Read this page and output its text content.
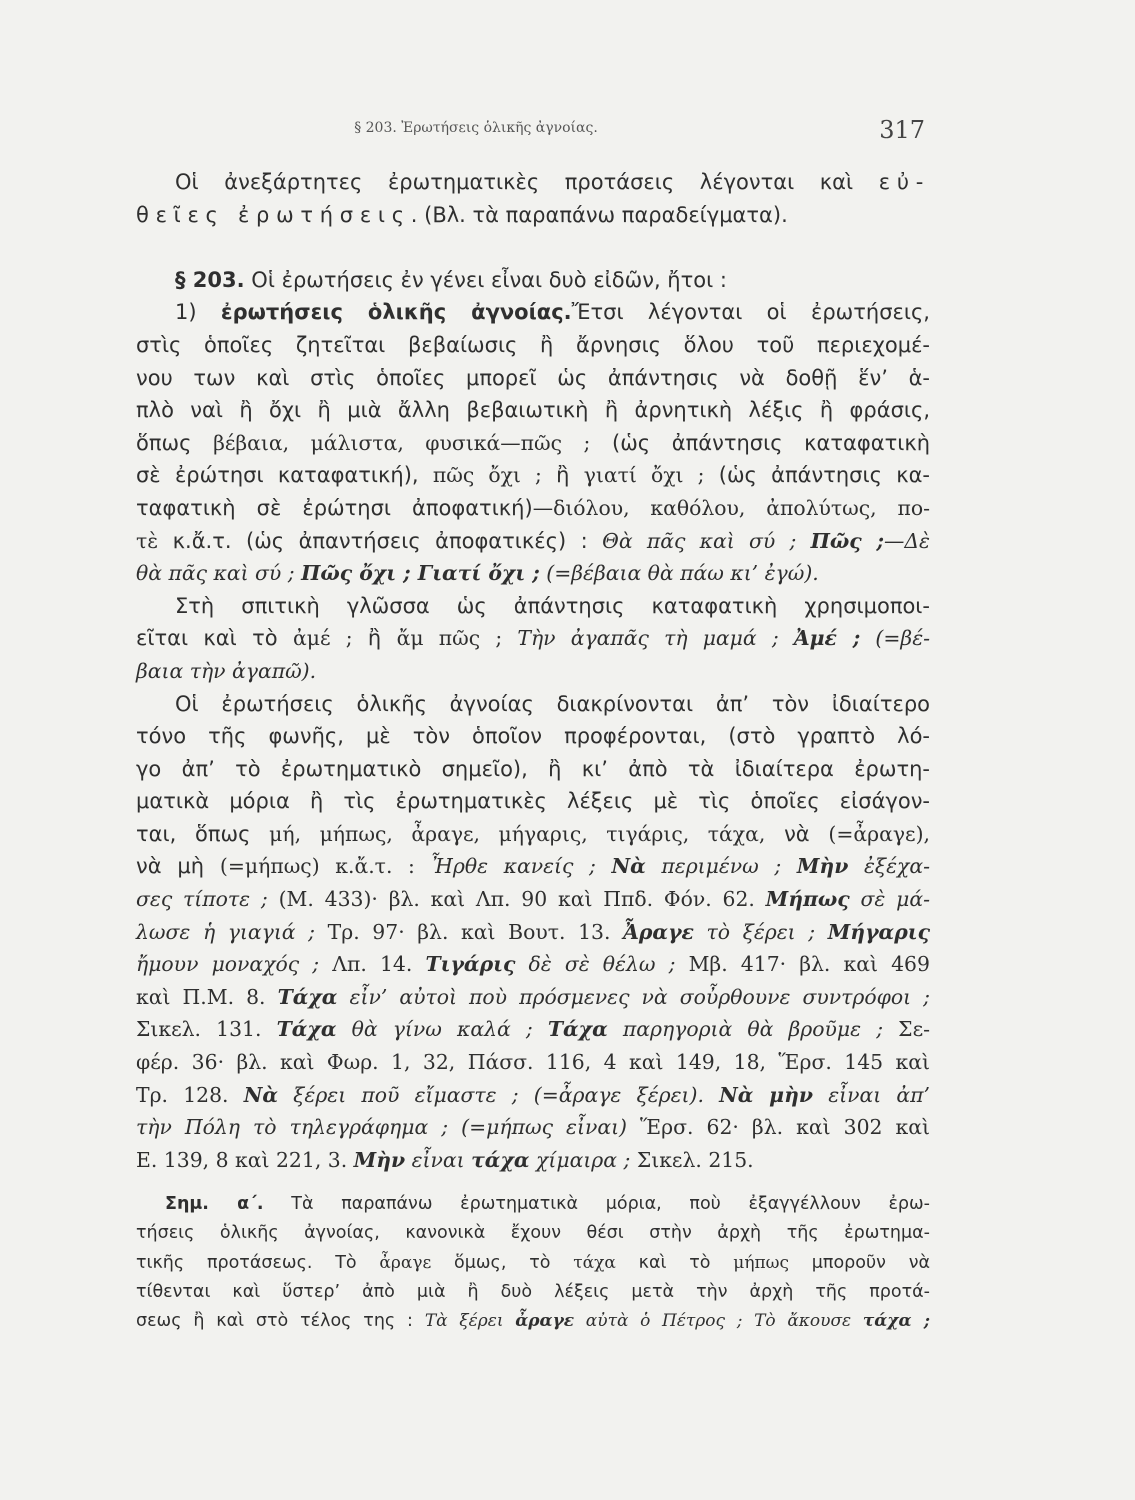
§ 203. Ἐρωτήσεις ὁλικῆς ἀγνοίας.	317
Οἱ ἀνεξάρτητες ἐρωτηματικὲς προτάσεις λέγονται καὶ εὐ-
θεῖες ἐρωτήσεις. (Βλ. τὰ παραπάνω παραδείγματα).
§ 203. Οἱ ἐρωτήσεις ἐν γένει εἶναι δυὸ εἰδῶν, ἤτοι :
1) ἐρωτήσεις ὁλικῆς ἀγνοίας.Ἔτσι λέγονται οἱ ἐρωτήσεις,
στὶς ὁποῖες ζητεῖται βεβαίωσις ἢ ἄρνησις ὅλου τοῦ περιεχομέ-
νου των καὶ στὶς ὁποῖες μπορεῖ ὡς ἀπάντησις νὰ δοθῇ ἕν’ ἁ-
πλὸ ναὶ ἢ ὄχι ἢ μιὰ ἄλλη βεβαιωτικὴ ἢ ἀρνητικὴ λέξις ἢ φράσις,
ὅπως βέβαια, μάλιστα, φυσικά—πῶς ; (ὡς ἀπάντησις καταφατικὴ
σὲ ἐρώτησι καταφατική), πῶς ὄχι ; ἢ γιατί ὄχι ; (ὡς ἀπάντησις κα-
ταφατικὴ σὲ ἐρώτησι ἀποφατική)—διόλου, καθόλου, ἀπολύτως, πο-
τὲ κ.ἄ.τ. (ὡς ἀπαντήσεις ἀποφατικές) : Θὰ πᾶς καὶ σύ ; Πῶς ;—Δὲ
θὰ πᾶς καὶ σύ ; Πῶς ὄχι ; Γιατί ὄχι ; (=βέβαια θὰ πάω κι’ ἐγώ).
Στὴ σπιτικὴ γλῶσσα ὡς ἀπάντησις καταφατικὴ χρησιμοποι-
εῖται καὶ τὸ ἀμέ ; ἢ ἄμ πῶς ; Τὴν ἀγαπᾶς τὴ μαμά ; Ἀμέ ; (=βέ-
βαια τὴν ἀγαπῶ).
Οἱ ἐρωτήσεις ὁλικῆς ἀγνοίας διακρίνονται ἀπ’ τὸν ἰδιαίτερο
τόνο τῆς φωνῆς, μὲ τὸν ὁποῖον προφέρονται, (στὸ γραπτὸ λό-
γο ἀπ’ τὸ ἐρωτηματικὸ σημεῖο), ἢ κι’ ἀπὸ τὰ ἰδιαίτερα ἐρωτη-
ματικὰ μόρια ἢ τὶς ἐρωτηματικὲς λέξεις μὲ τὶς ὁποῖες εἰσάγον-
ται, ὅπως μή, μήπως, ἆραγε, μήγαρις, τιγάρις, τάχα, νὰ (=ἆραγε),
νὰ μὴ (=μήπως) κ.ἄ.τ. : Ἦρθε κανείς ; Νὰ περιμένω ; Μὴν ἐξέχα-
σες τίποτε ; (Μ. 433)· βλ. καὶ Λπ. 90 καὶ Ππδ. Φόν. 62. Μήπως σὲ μά-
λωσε ἡ γιαγιά ; Τρ. 97· βλ. καὶ Βουτ. 13. Ἆραγε τὸ ξέρει ; Μήγαρις
ἤμουν μοναχός ; Λπ. 14. Τιγάρις δὲ σὲ θέλω ; Μβ. 417· βλ. καὶ 469
καὶ Π.Μ. 8. Τάχα εἶν’ αὐτοὶ ποὺ πρόσμενες νὰ σοὖρθουνε συντρόφοι ;
Σικελ. 131. Τάχα θὰ γίνω καλά ; Τάχα παρηγοριὰ θὰ βροῦμε ; Σε-
φέρ. 36· βλ. καὶ Φωρ. 1, 32, Πάσσ. 116, 4 καὶ 149, 18, Ἕρσ. 145 καὶ
Τρ. 128. Νὰ ξέρει ποῦ εἴμαστε ; (=ἆραγε ξέρει). Νὰ μὴν εἶναι ἀπ’
τὴν Πόλη τὸ τηλεγράφημα ; (=μήπως εἶναι) Ἕρσ. 62· βλ. καὶ 302 καὶ
Ε. 139, 8 καὶ 221, 3. Μὴν εἶναι τάχα χίμαιρα ; Σικελ. 215.
Σημ. α΄. Τὰ παραπάνω ἐρωτηματικὰ μόρια, ποὺ ἐξαγγέλλουν ἐρω-
τήσεις ὁλικῆς ἀγνοίας, κανονικὰ ἔχουν θέσι στὴν ἀρχὴ τῆς ἐρωτημα-
τικῆς προτάσεως. Τὸ ἆραγε ὅμως, τὸ τάχα καὶ τὸ μήπως μποροῦν νὰ
τίθενται καὶ ὕστερ’ ἀπὸ μιὰ ἢ δυὸ λέξεις μετὰ τὴν ἀρχὴ τῆς προτά-
σεως ἢ καὶ στὸ τέλος της : Τὰ ξέρει ἆραγε αὐτὰ ὁ Πέτρος ; Τὸ ἄκουσε τάχα ;
